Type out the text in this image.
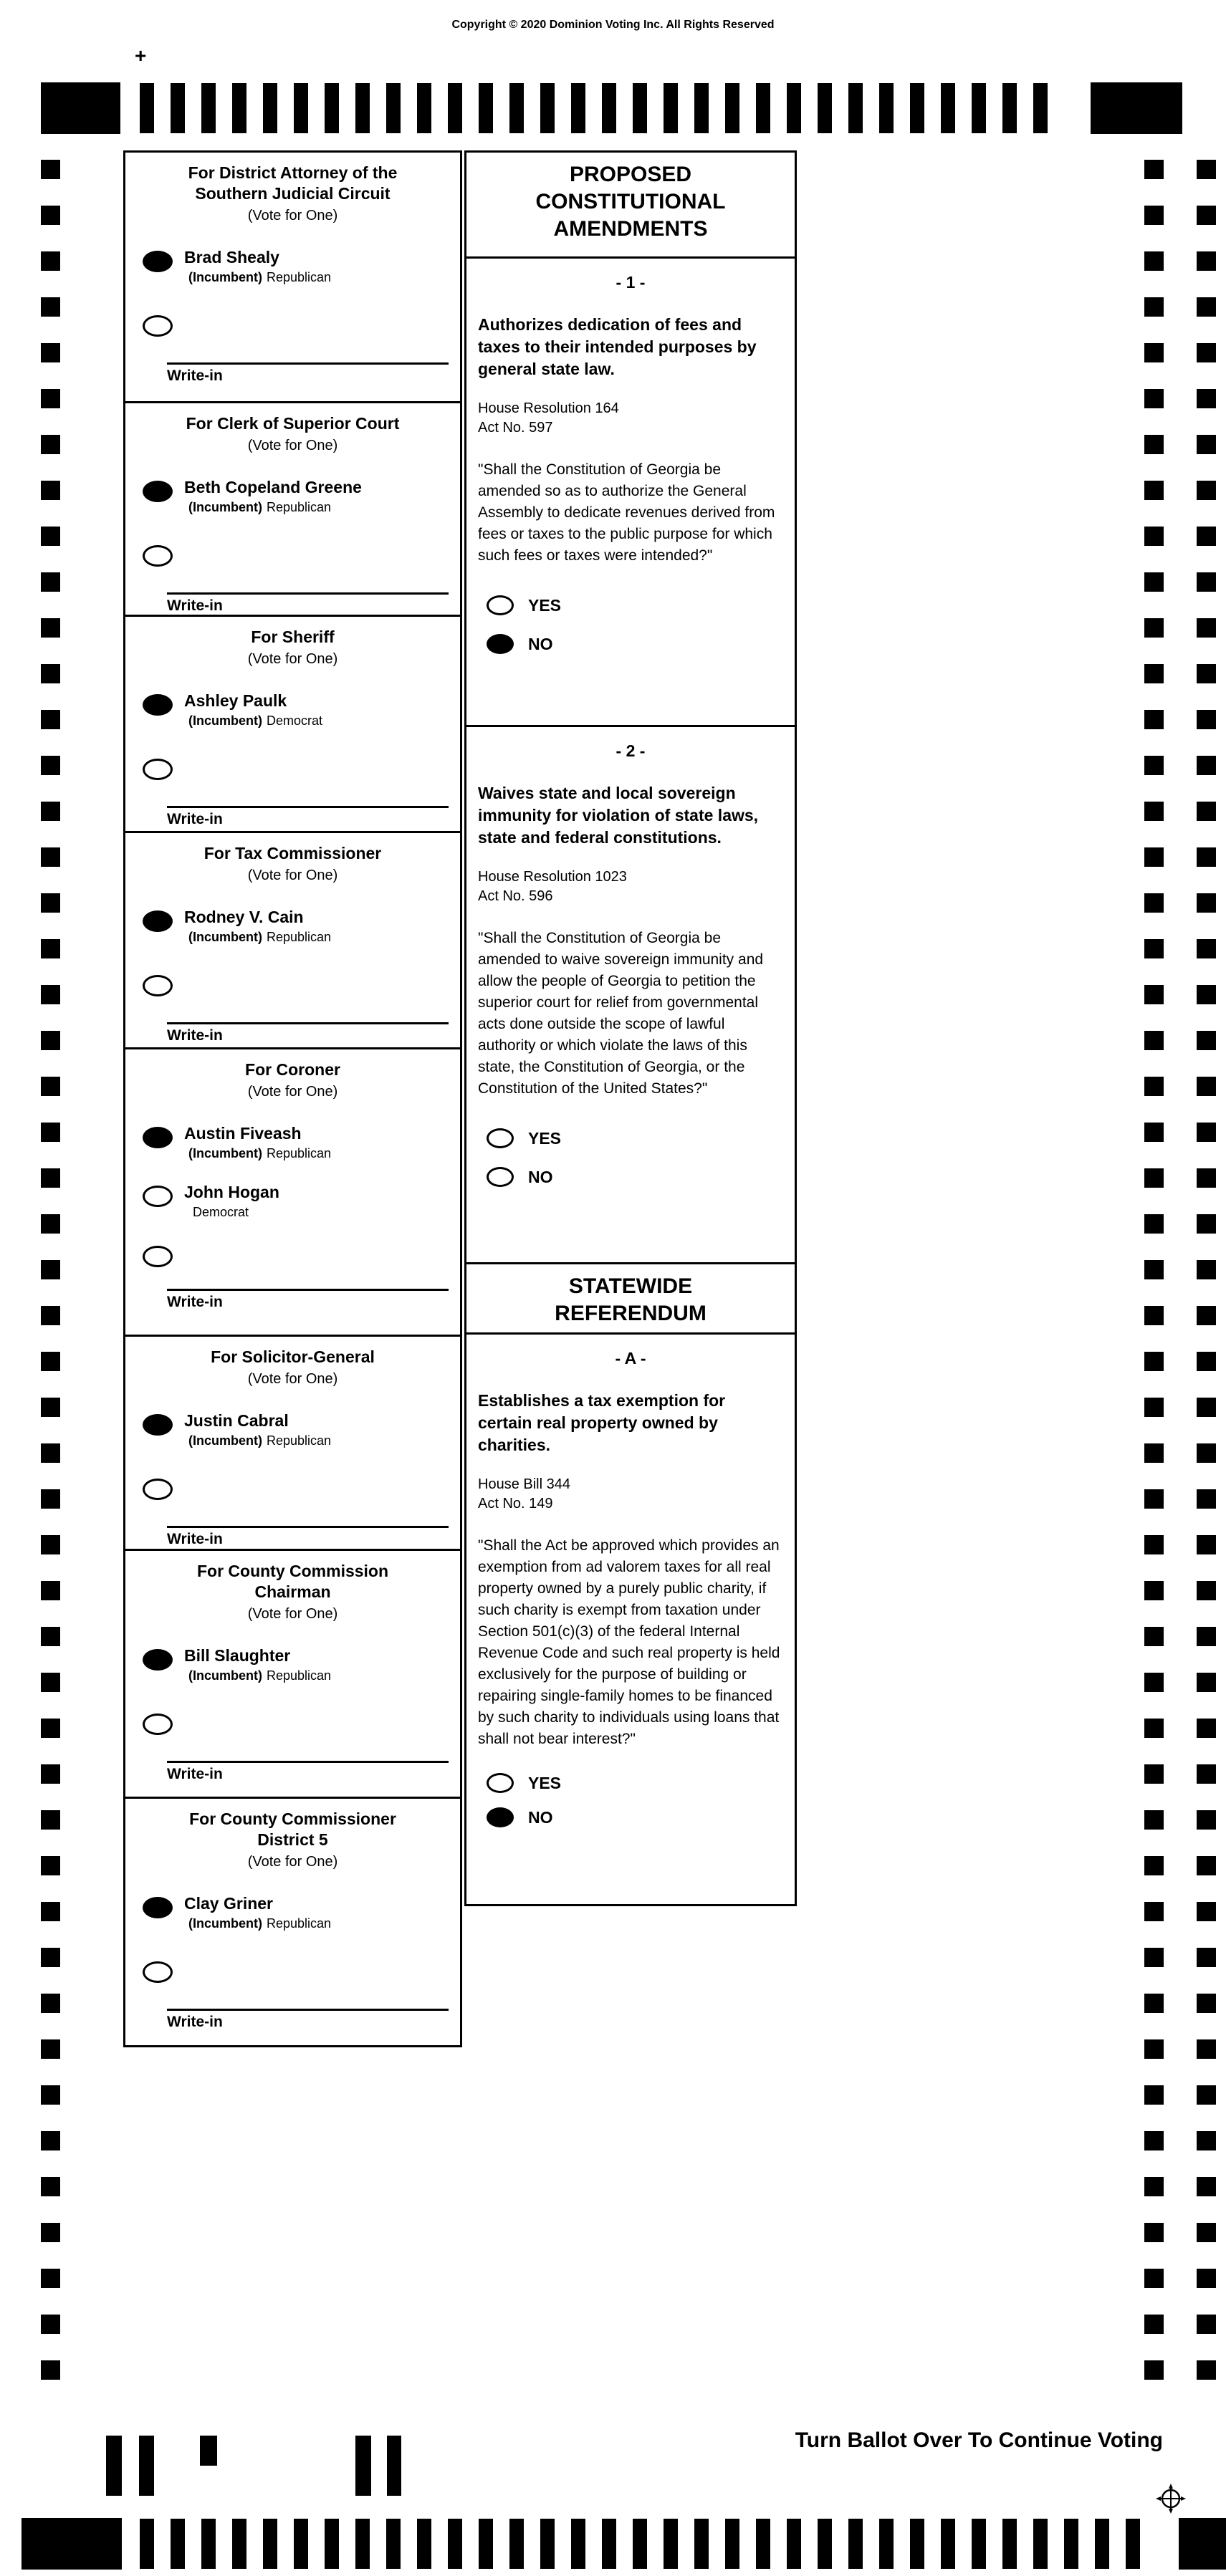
Copyright © 2020 Dominion Voting Inc. All Rights Reserved
+
For District Attorney of the
Southern Judicial Circuit
(Vote for One)
Brad Shealy
(Incumbent) Republican
Write-in
For Clerk of Superior Court
(Vote for One)
Beth Copeland Greene
(Incumbent) Republican
Write-in
For Sheriff
(Vote for One)
Ashley Paulk
(Incumbent) Democrat
Write-in
For Tax Commissioner
(Vote for One)
Rodney V. Cain
(Incumbent) Republican
Write-in
For Coroner
(Vote for One)
Austin Fiveash
(Incumbent) Republican
John Hogan
Democrat
Write-in
For Solicitor-General
(Vote for One)
Justin Cabral
(Incumbent) Republican
Write-in
For County Commission
Chairman
(Vote for One)
Bill Slaughter
(Incumbent) Republican
Write-in
For County Commissioner
District 5
(Vote for One)
Clay Griner
(Incumbent) Republican
Write-in
PROPOSED
CONSTITUTIONAL
AMENDMENTS
- 1 -
Authorizes dedication of fees and taxes to their intended purposes by general state law.
House Resolution 164
Act No. 597
"Shall the Constitution of Georgia be amended so as to authorize the General Assembly to dedicate revenues derived from fees or taxes to the public purpose for which such fees or taxes were intended?"
YES
NO
- 2 -
Waives state and local sovereign immunity for violation of state laws, state and federal constitutions.
House Resolution 1023
Act No. 596
"Shall the Constitution of Georgia be amended to waive sovereign immunity and allow the people of Georgia to petition the superior court for relief from governmental acts done outside the scope of lawful authority or which violate the laws of this state, the Constitution of Georgia, or the Constitution of the United States?"
YES
NO
STATEWIDE
REFERENDUM
- A -
Establishes a tax exemption for certain real property owned by charities.
House Bill 344
Act No. 149
"Shall the Act be approved which provides an exemption from ad valorem taxes for all real property owned by a purely public charity, if such charity is exempt from taxation under Section 501(c)(3) of the federal Internal Revenue Code and such real property is held exclusively for the purpose of building or repairing single-family homes to be financed by such charity to individuals using loans that shall not bear interest?"
YES
NO
Turn Ballot Over To Continue Voting
19
